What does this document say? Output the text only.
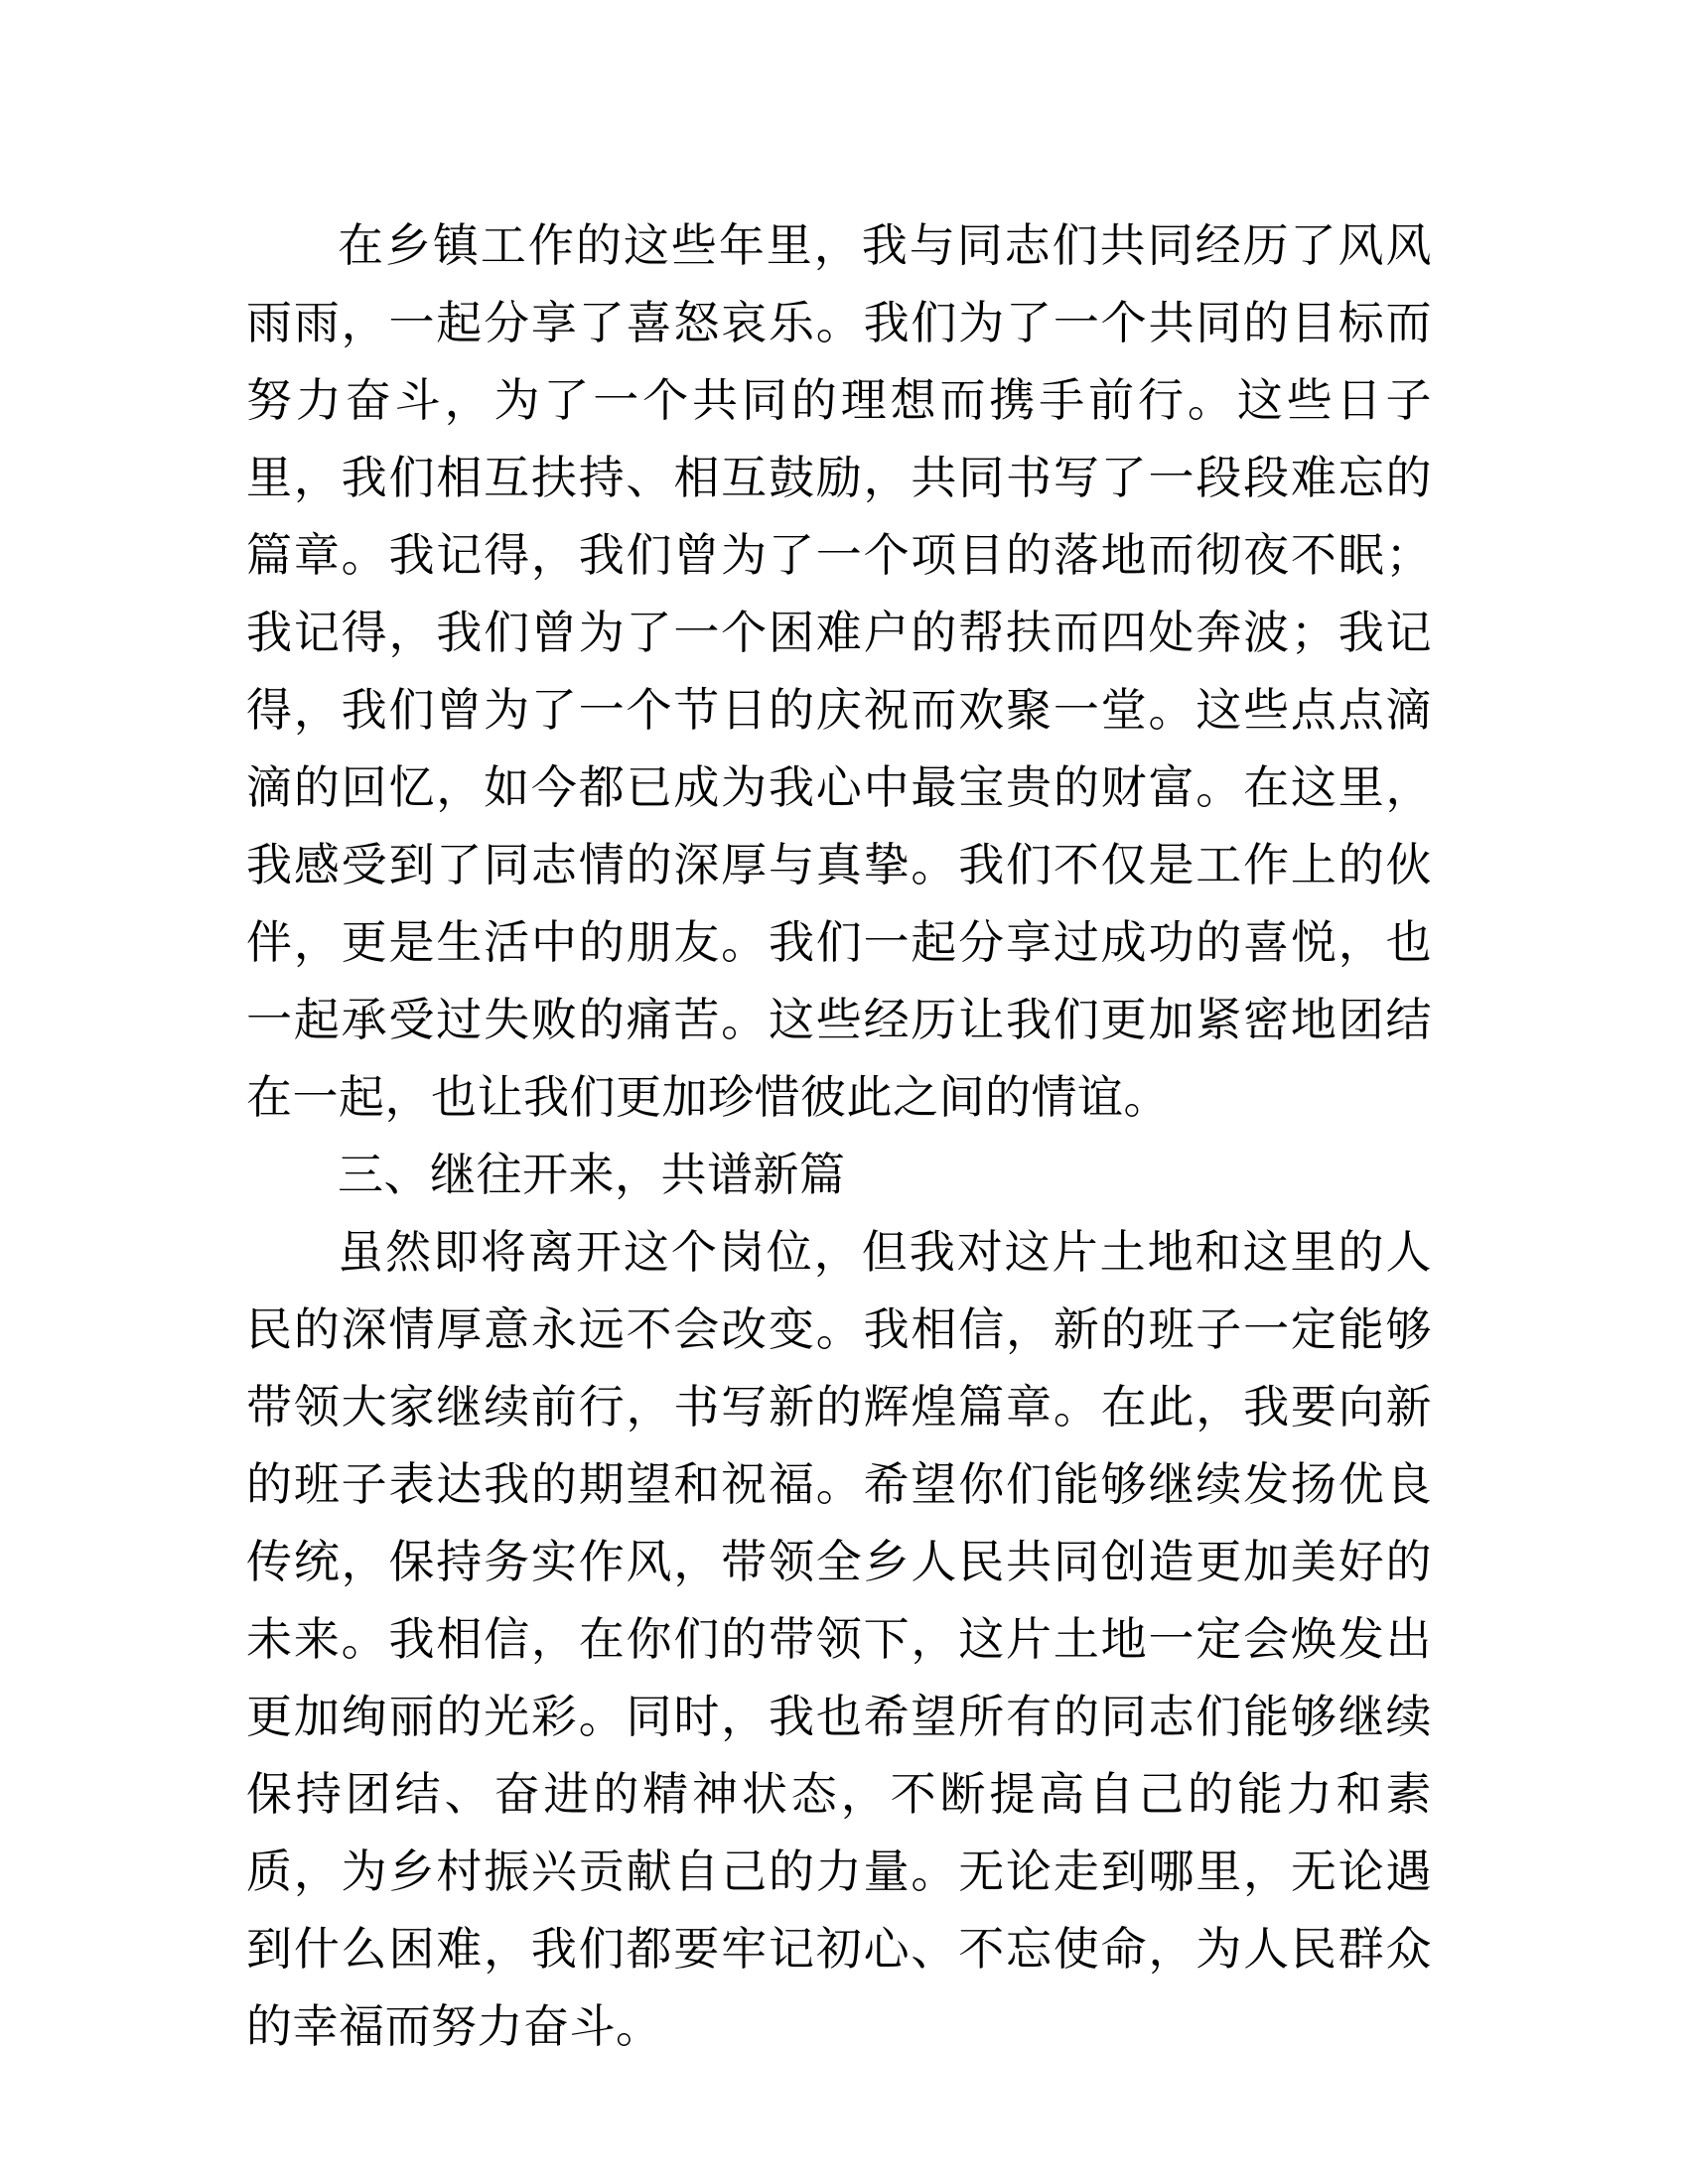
在乡镇工作的这些年里，我与同志们共同经历了风风雨雨，一起分享了喜怒哀乐。我们为了一个共同的目标而努力奋斗，为了一个共同的理想而携手前行。这些日子里，我们相互扶持、相互鼓励，共同书写了一段段难忘的篇章。我记得，我们曾为了一个项目的落地而彻夜不眠；我记得，我们曾为了一个困难户的帮扶而四处奔波；我记得，我们曾为了一个节日的庆祝而欢聚一堂。这些点点滴滴的回忆，如今都已成为我心中最宝贵的财富。在这里，我感受到了同志情的深厚与真挚。我们不仅是工作上的伙伴，更是生活中的朋友。我们一起分享过成功的喜悦，也一起承受过失败的痛苦。这些经历让我们更加紧密地团结在一起，也让我们更加珍惜彼此之间的情谊。

三、继往开来，共谱新篇

虽然即将离开这个岗位，但我对这片土地和这里的人民的深情厚意永远不会改变。我相信，新的班子一定能够带领大家继续前行，书写新的辉煌篇章。在此，我要向新的班子表达我的期望和祝福。希望你们能够继续发扬优良传统，保持务实作风，带领全乡人民共同创造更加美好的未来。我相信，在你们的带领下，这片土地一定会焕发出更加绚丽的光彩。同时，我也希望所有的同志们能够继续保持团结、奋进的精神状态，不断提高自己的能力和素质，为乡村振兴贡献自己的力量。无论走到哪里，无论遇到什么困难，我们都要牢记初心、不忘使命，为人民群众的幸福而努力奋斗。
